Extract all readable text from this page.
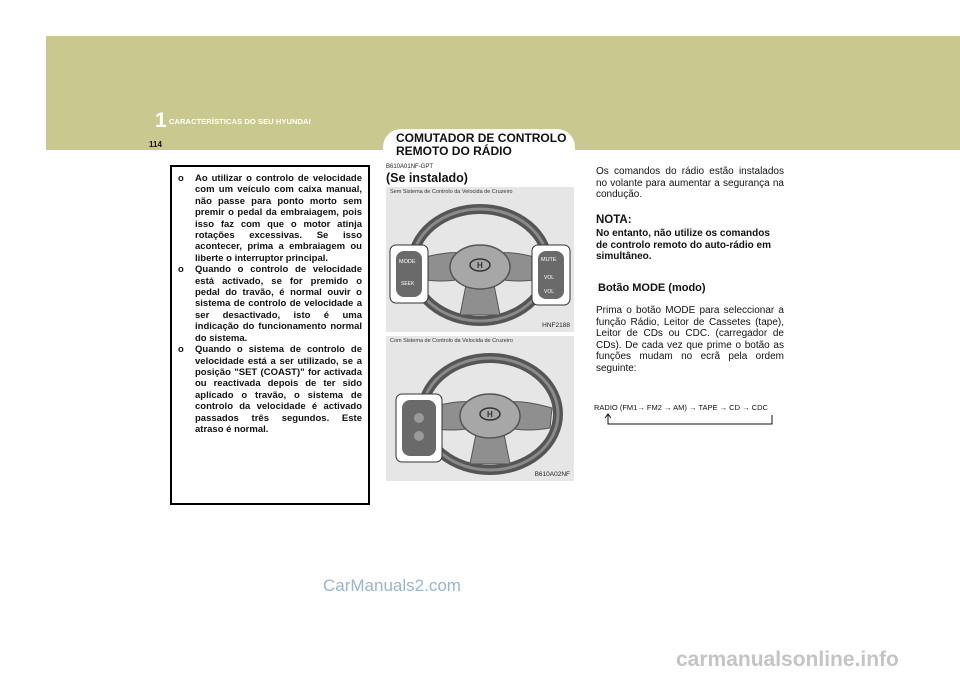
1 CARACTERÍSTICAS DO SEU HYUNDAI
114	COMUTADOR DE CONTROLO
REMOTO DO RÁDIO
o Ao utilizar o controlo de velocidade com um veículo com caixa manual, não passe para ponto morto sem premir o pedal da embraiagem, pois isso faz com que o motor atinja rotações excessivas. Se isso acontecer, prima a embraiagem ou liberte o interruptor principal.
o Quando o controlo de velocidade está activado, se for premido o pedal do travão, é normal ouvir o sistema de controlo de velocidade a ser desactivado, isto é uma indicação do funcionamento normal do sistema.
o Quando o sistema de controlo de velocidade está a ser utilizado, se a posição "SET (COAST)" for activada ou reactivada depois de ter sido aplicado o travão, o sistema de controlo da velocidade é activado passados três segundos. Este atraso é normal.
B610A01NF-GPT
(Se instalado)
Sem Sistema de Controlo da Velocida de Cruzeiro
H
MODE
SEEK
MUTE
VOL
VOL
HNF2188
Com Sistema de Controlo da Velocida de Cruzeiro
H
B610A02NF
Os comandos do rádio estão instalados no volante para aumentar a segurança na condução.
NOTA:
No entanto, não utilize os comandos de controlo remoto do auto-rádio em simultâneo.
Botão MODE (modo)
Prima o botão MODE para seleccionar a função Rádio, Leitor de Cassetes (tape), Leitor de CDs ou CDC. (carregador de CDs). De cada vez que prime o botão as funções mudam no ecrã pela ordem seguinte:
RADIO (FM1→ FM2 → AM) → TAPE → CD → CDC
CarManuals2.com
carmanualsonline.info
